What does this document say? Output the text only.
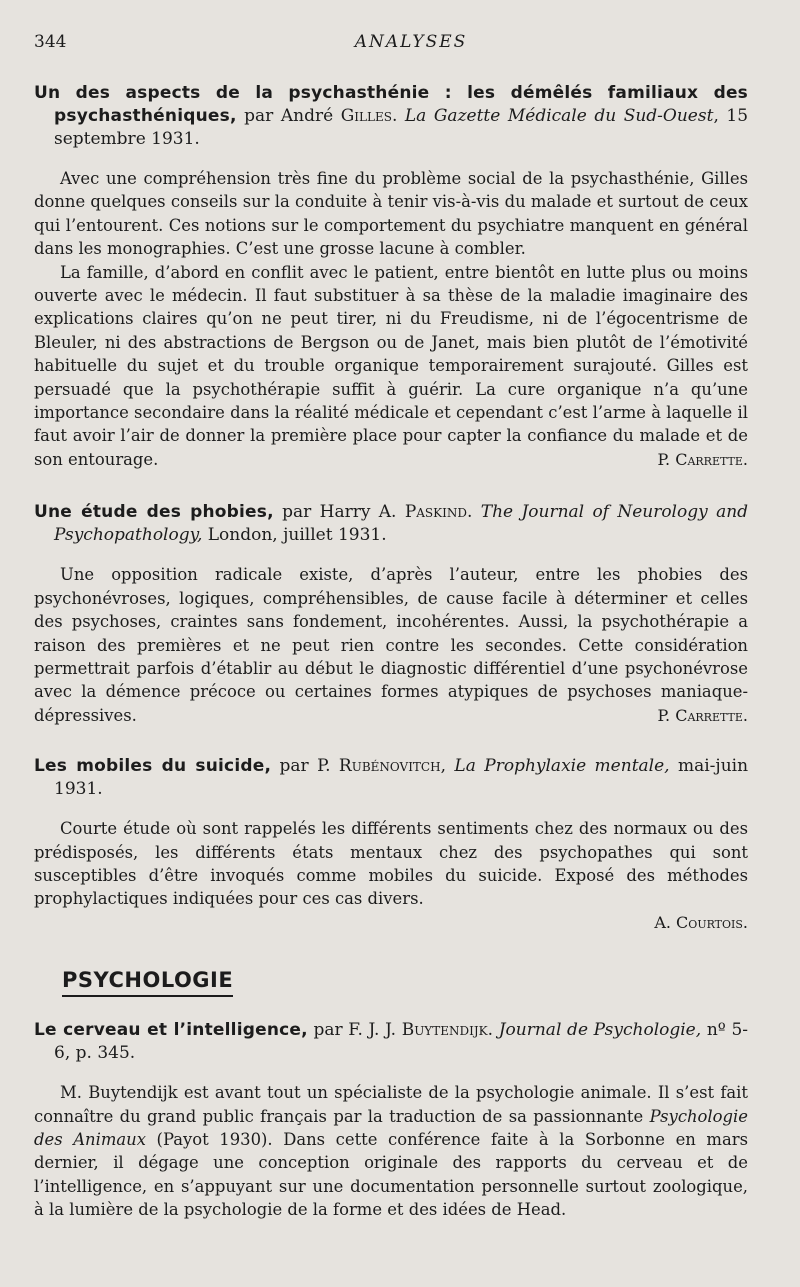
344	ANALYSES

Un des aspects de la psychasthénie : les démêlés familiaux des psychasthéniques, par André Gilles. La Gazette Médicale du Sud-Ouest, 15 septembre 1931.

Avec une compréhension très fine du problème social de la psychasthénie, Gilles donne quelques conseils sur la conduite à tenir vis-à-vis du malade et surtout de ceux qui l’entourent. Ces notions sur le comportement du psychiatre manquent en général dans les monographies. C’est une grosse lacune à combler.

La famille, d’abord en conflit avec le patient, entre bientôt en lutte plus ou moins ouverte avec le médecin. Il faut substituer à sa thèse de la maladie imaginaire des explications claires qu’on ne peut tirer, ni du Freudisme, ni de l’égocentrisme de Bleuler, ni des abstractions de Bergson ou de Janet, mais bien plutôt de l’émotivité habituelle du sujet et du trouble organique temporairement surajouté. Gilles est persuadé que la psychothérapie suffit à guérir. La cure organique n’a qu’une importance secondaire dans la réalité médicale et cependant c’est l’arme à laquelle il faut avoir l’air de donner la première place pour capter la confiance du malade et de son entourage.	P. Carrette.

Une étude des phobies, par Harry A. Paskind. The Journal of Neurology and Psychopathology, London, juillet 1931.

Une opposition radicale existe, d’après l’auteur, entre les phobies des psychonévroses, logiques, compréhensibles, de cause facile à déterminer et celles des psychoses, craintes sans fondement, incohérentes. Aussi, la psychothérapie a raison des premières et ne peut rien contre les secondes. Cette considération permettrait parfois d’établir au début le diagnostic différentiel d’une psychonévrose avec la démence précoce ou certaines formes atypiques de psychoses maniaque-dépressives.	P. Carrette.

Les mobiles du suicide, par P. Rubénovitch, La Prophylaxie mentale, mai-juin 1931.

Courte étude où sont rappelés les différents sentiments chez des normaux ou des prédisposés, les différents états mentaux chez des psychopathes qui sont susceptibles d’être invoqués comme mobiles du suicide. Exposé des méthodes prophylactiques indiquées pour ces cas divers.

A. Courtois.

PSYCHOLOGIE

Le cerveau et l’intelligence, par F. J. J. Buytendijk. Journal de Psychologie, nº 5-6, p. 345.

M. Buytendijk est avant tout un spécialiste de la psychologie animale. Il s’est fait connaître du grand public français par la traduction de sa passionnante Psychologie des Animaux (Payot 1930). Dans cette conférence faite à la Sorbonne en mars dernier, il dégage une conception originale des rapports du cerveau et de l’intelligence, en s’appuyant sur une documentation personnelle surtout zoologique, à la lumière de la psychologie de la forme et des idées de Head.
